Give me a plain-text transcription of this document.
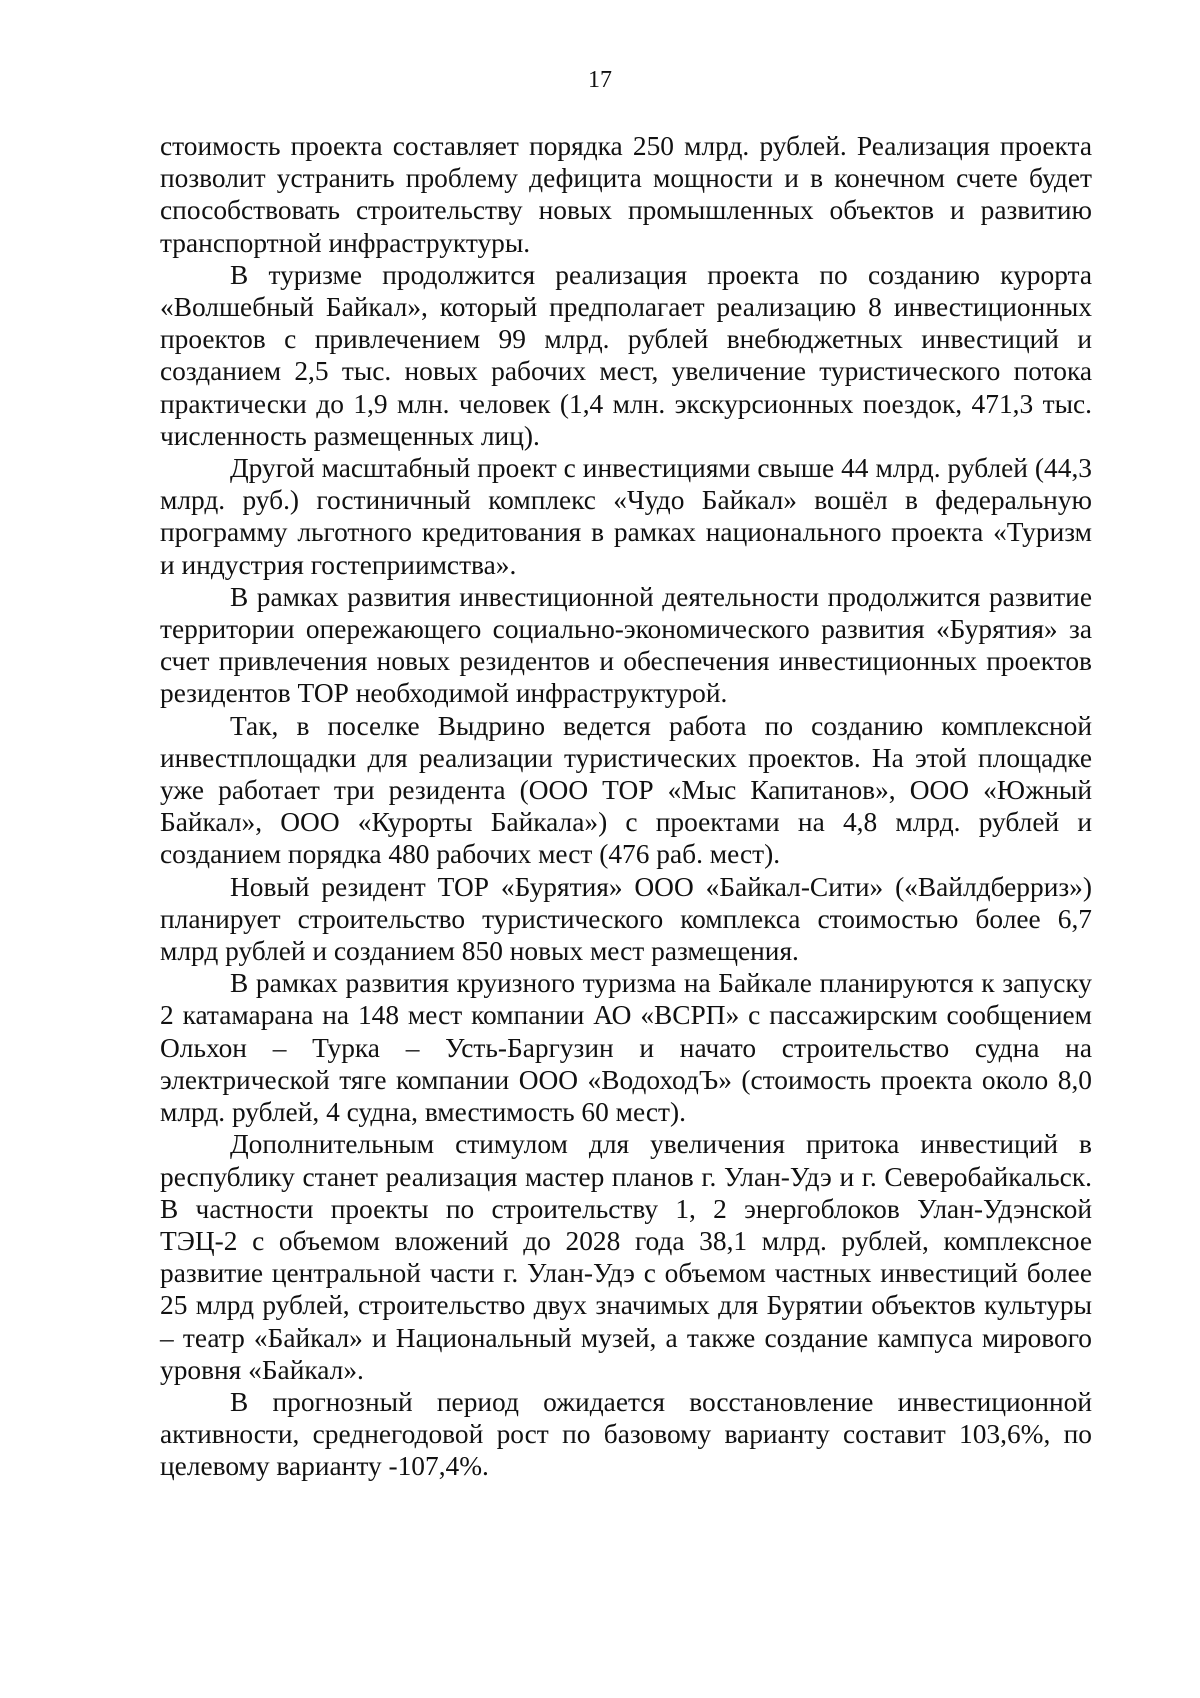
17

стоимость проекта составляет порядка 250 млрд. рублей. Реализация проекта позволит устранить проблему дефицита мощности и в конечном счете будет способствовать строительству новых промышленных объектов и развитию транспортной инфраструктуры.

В туризме продолжится реализация проекта по созданию курорта «Волшебный Байкал», который предполагает реализацию 8 инвестиционных проектов с привлечением 99 млрд. рублей внебюджетных инвестиций и созданием 2,5 тыс. новых рабочих мест, увеличение туристического потока практически до 1,9 млн. человек (1,4 млн. экскурсионных поездок, 471,3 тыс. численность размещенных лиц).

Другой масштабный проект с инвестициями свыше 44 млрд. рублей (44,3 млрд. руб.) гостиничный комплекс «Чудо Байкал» вошёл в федеральную программу льготного кредитования в рамках национального проекта «Туризм и индустрия гостеприимства».

В рамках развития инвестиционной деятельности продолжится развитие территории опережающего социально-экономического развития «Бурятия» за счет привлечения новых резидентов и обеспечения инвестиционных проектов резидентов ТОР необходимой инфраструктурой.

Так, в поселке Выдрино ведется работа по созданию комплексной инвестплощадки для реализации туристических проектов. На этой площадке уже работает три резидента (ООО ТОР «Мыс Капитанов», ООО «Южный Байкал», ООО «Курорты Байкала») с проектами на 4,8 млрд. рублей и созданием порядка 480 рабочих мест (476 раб. мест).

Новый резидент ТОР «Бурятия» ООО «Байкал-Сити» («Вайлдберриз») планирует строительство туристического комплекса стоимостью более 6,7 млрд рублей и созданием 850 новых мест размещения.

В рамках развития круизного туризма на Байкале планируются к запуску 2 катамарана на 148 мест компании АО «ВСРП» с пассажирским сообщением Ольхон – Турка – Усть-Баргузин и начато строительство судна на электрической тяге компании ООО «ВодоходЪ» (стоимость проекта около 8,0 млрд. рублей, 4 судна, вместимость 60 мест).

Дополнительным стимулом для увеличения притока инвестиций в республику станет реализация мастер планов г. Улан-Удэ и г. Северобайкальск. В частности проекты по строительству 1, 2 энергоблоков Улан-Удэнской ТЭЦ-2 с объемом вложений до 2028 года 38,1 млрд. рублей, комплексное развитие центральной части г. Улан-Удэ с объемом частных инвестиций более 25 млрд рублей, строительство двух значимых для Бурятии объектов культуры – театр «Байкал» и Национальный музей, а также создание кампуса мирового уровня «Байкал».

В прогнозный период ожидается восстановление инвестиционной активности, среднегодовой рост по базовому варианту составит 103,6%, по целевому варианту -107,4%.
